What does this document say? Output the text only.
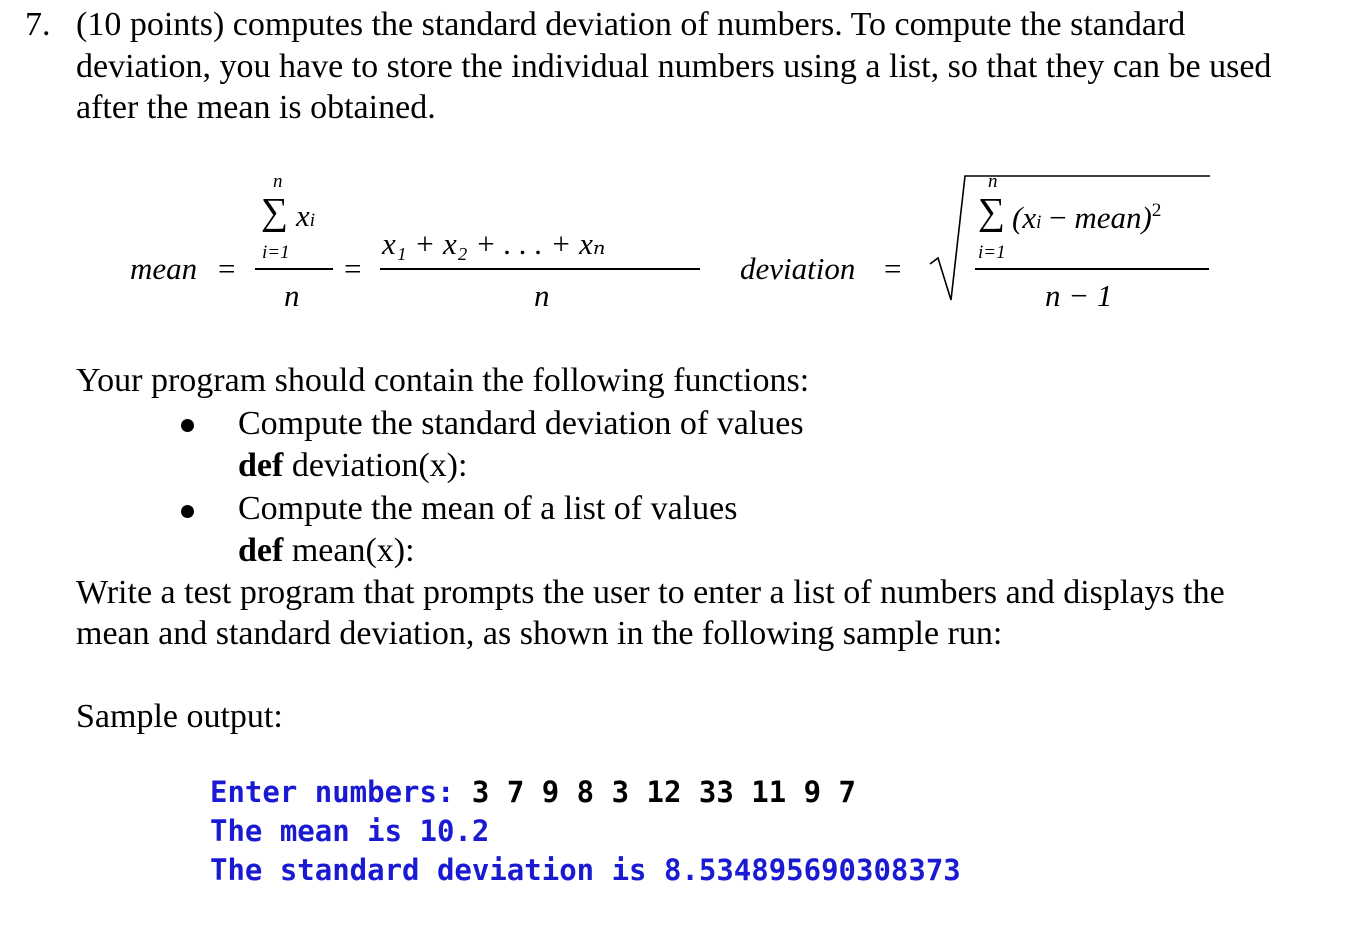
7. (10 points) computes the standard deviation of numbers. To compute the standard
deviation, you have to store the individual numbers using a list, so that they can be used
after the mean is obtained.
mean =
n
∑ xi
i=1
n
=
x₁ + x₂ + . . . + xₙ
n
deviation =
n
∑
i=1
(xi − mean)$^2$
n − 1
Your program should contain the following functions:
Compute the standard deviation of values
def deviation(x):
Compute the mean of a list of values
def mean(x):
Write a test program that prompts the user to enter a list of numbers and displays the
mean and standard deviation, as shown in the following sample run:
Sample output:
Enter numbers: 3 7 9 8 3 12 33 11 9 7
The mean is 10.2
The standard deviation is 8.534895690308373
